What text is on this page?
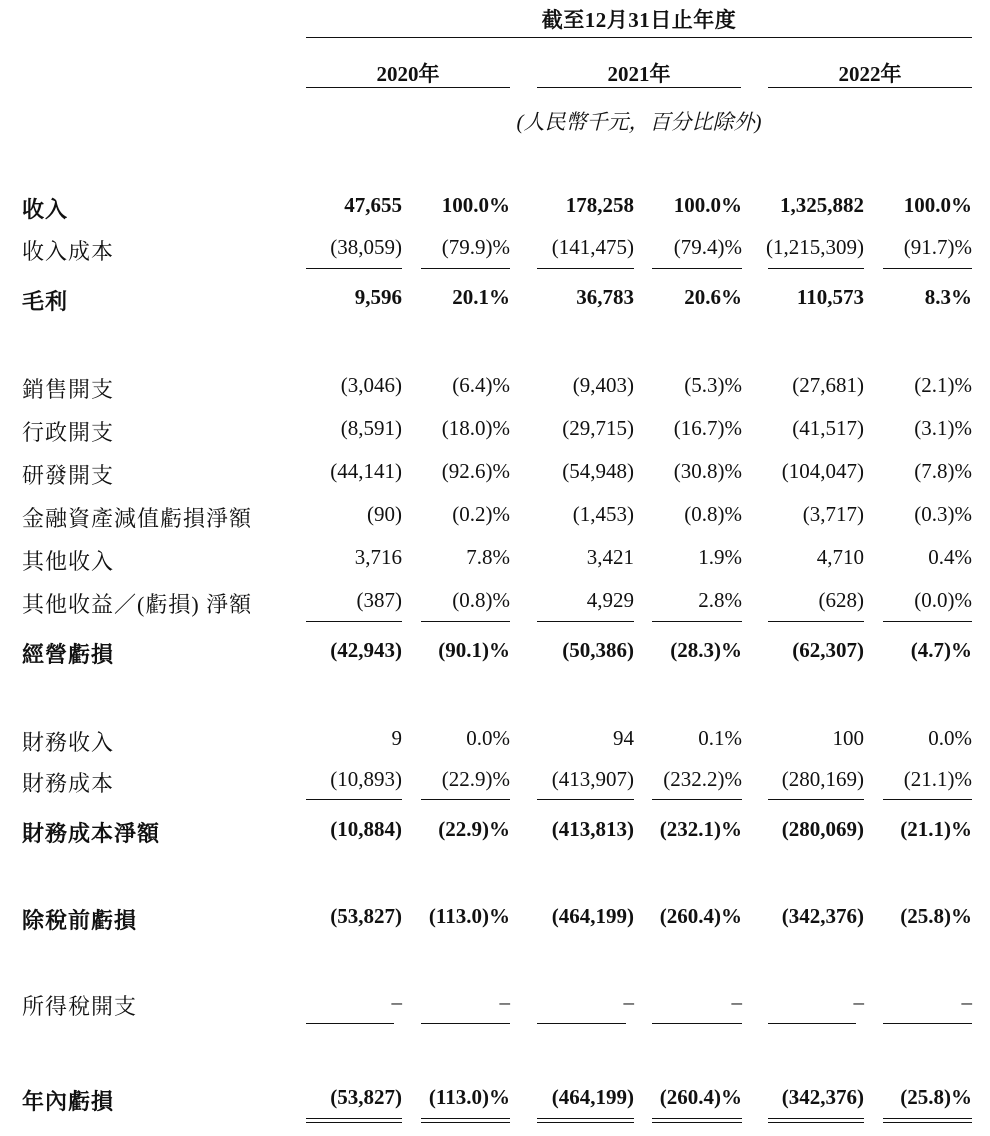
截至12月31日止年度
2020年	2021年	2022年
(人民幣千元，百分比除外)
收入	47,655	100.0%	178,258	100.0%	1,325,882	100.0%
收入成本	(38,059)	(79.9)%	(141,475)	(79.4)%	(1,215,309)	(91.7)%
毛利	9,596	20.1%	36,783	20.6%	110,573	8.3%
銷售開支	(3,046)	(6.4)%	(9,403)	(5.3)%	(27,681)	(2.1)%
行政開支	(8,591)	(18.0)%	(29,715)	(16.7)%	(41,517)	(3.1)%
研發開支	(44,141)	(92.6)%	(54,948)	(30.8)%	(104,047)	(7.8)%
金融資產減值虧損淨額	(90)	(0.2)%	(1,453)	(0.8)%	(3,717)	(0.3)%
其他收入	3,716	7.8%	3,421	1.9%	4,710	0.4%
其他收益／(虧損) 淨額	(387)	(0.8)%	4,929	2.8%	(628)	(0.0)%
經營虧損	(42,943)	(90.1)%	(50,386)	(28.3)%	(62,307)	(4.7)%
財務收入	9	0.0%	94	0.1%	100	0.0%
財務成本	(10,893)	(22.9)%	(413,907)	(232.2)%	(280,169)	(21.1)%
財務成本淨額	(10,884)	(22.9)%	(413,813)	(232.1)%	(280,069)	(21.1)%
除稅前虧損	(53,827)	(113.0)%	(464,199)	(260.4)%	(342,376)	(25.8)%
所得稅開支	–	–	–	–	–	–
年內虧損	(53,827)	(113.0)%	(464,199)	(260.4)%	(342,376)	(25.8)%
